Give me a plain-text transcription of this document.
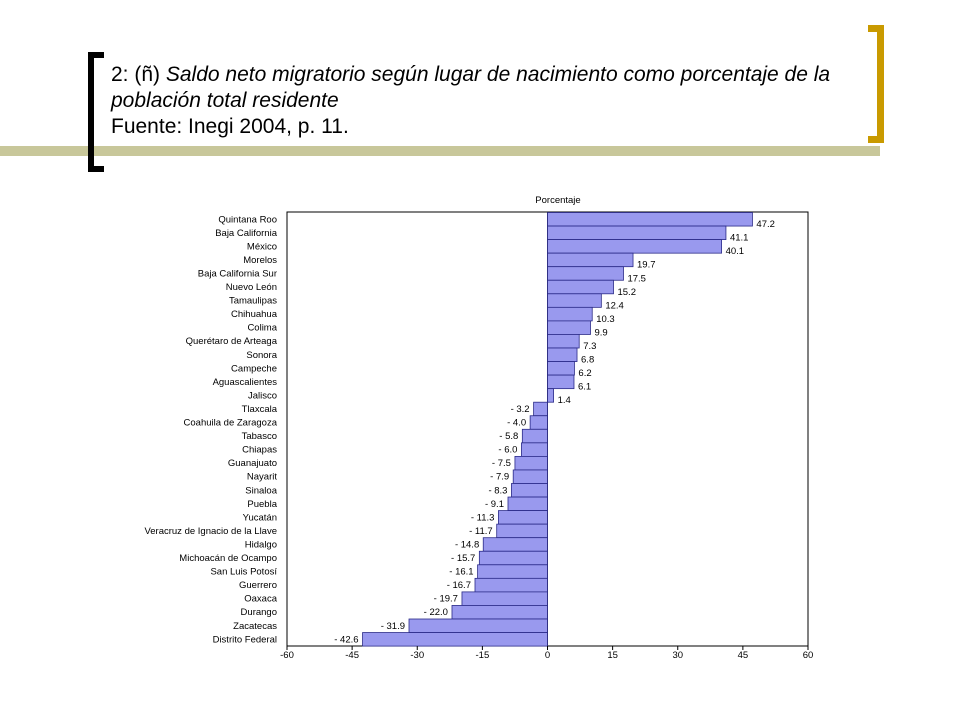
2: (ñ) Saldo neto migratorio según lugar de nacimiento como porcentaje de la población total residente
Fuente: Inegi 2004, p. 11.
Porcentaje
Quintana Roo	47.2
Baja California	41.1
México	40.1
Morelos	19.7
Baja California Sur	17.5
Nuevo León	15.2
Tamaulipas	12.4
Chihuahua	10.3
Colima	9.9
Querétaro de Arteaga	7.3
Sonora	6.8
Campeche	6.2
Aguascalientes	6.1
Jalisco	1.4
Tlaxcala	- 3.2
Coahuila de Zaragoza	- 4.0
Tabasco	- 5.8
Chiapas	- 6.0
Guanajuato	- 7.5
Nayarit	- 7.9
Sinaloa	- 8.3
Puebla	- 9.1
Yucatán	- 11.3
Veracruz de Ignacio de la Llave	- 11.7
Hidalgo	- 14.8
Michoacán de Ocampo	- 15.7
San Luis Potosí	- 16.1
Guerrero	- 16.7
Oaxaca	- 19.7
Durango	- 22.0
Zacatecas	- 31.9
Distrito Federal	- 42.6
-60	-45	-30	-15	0	15	30	45	60
